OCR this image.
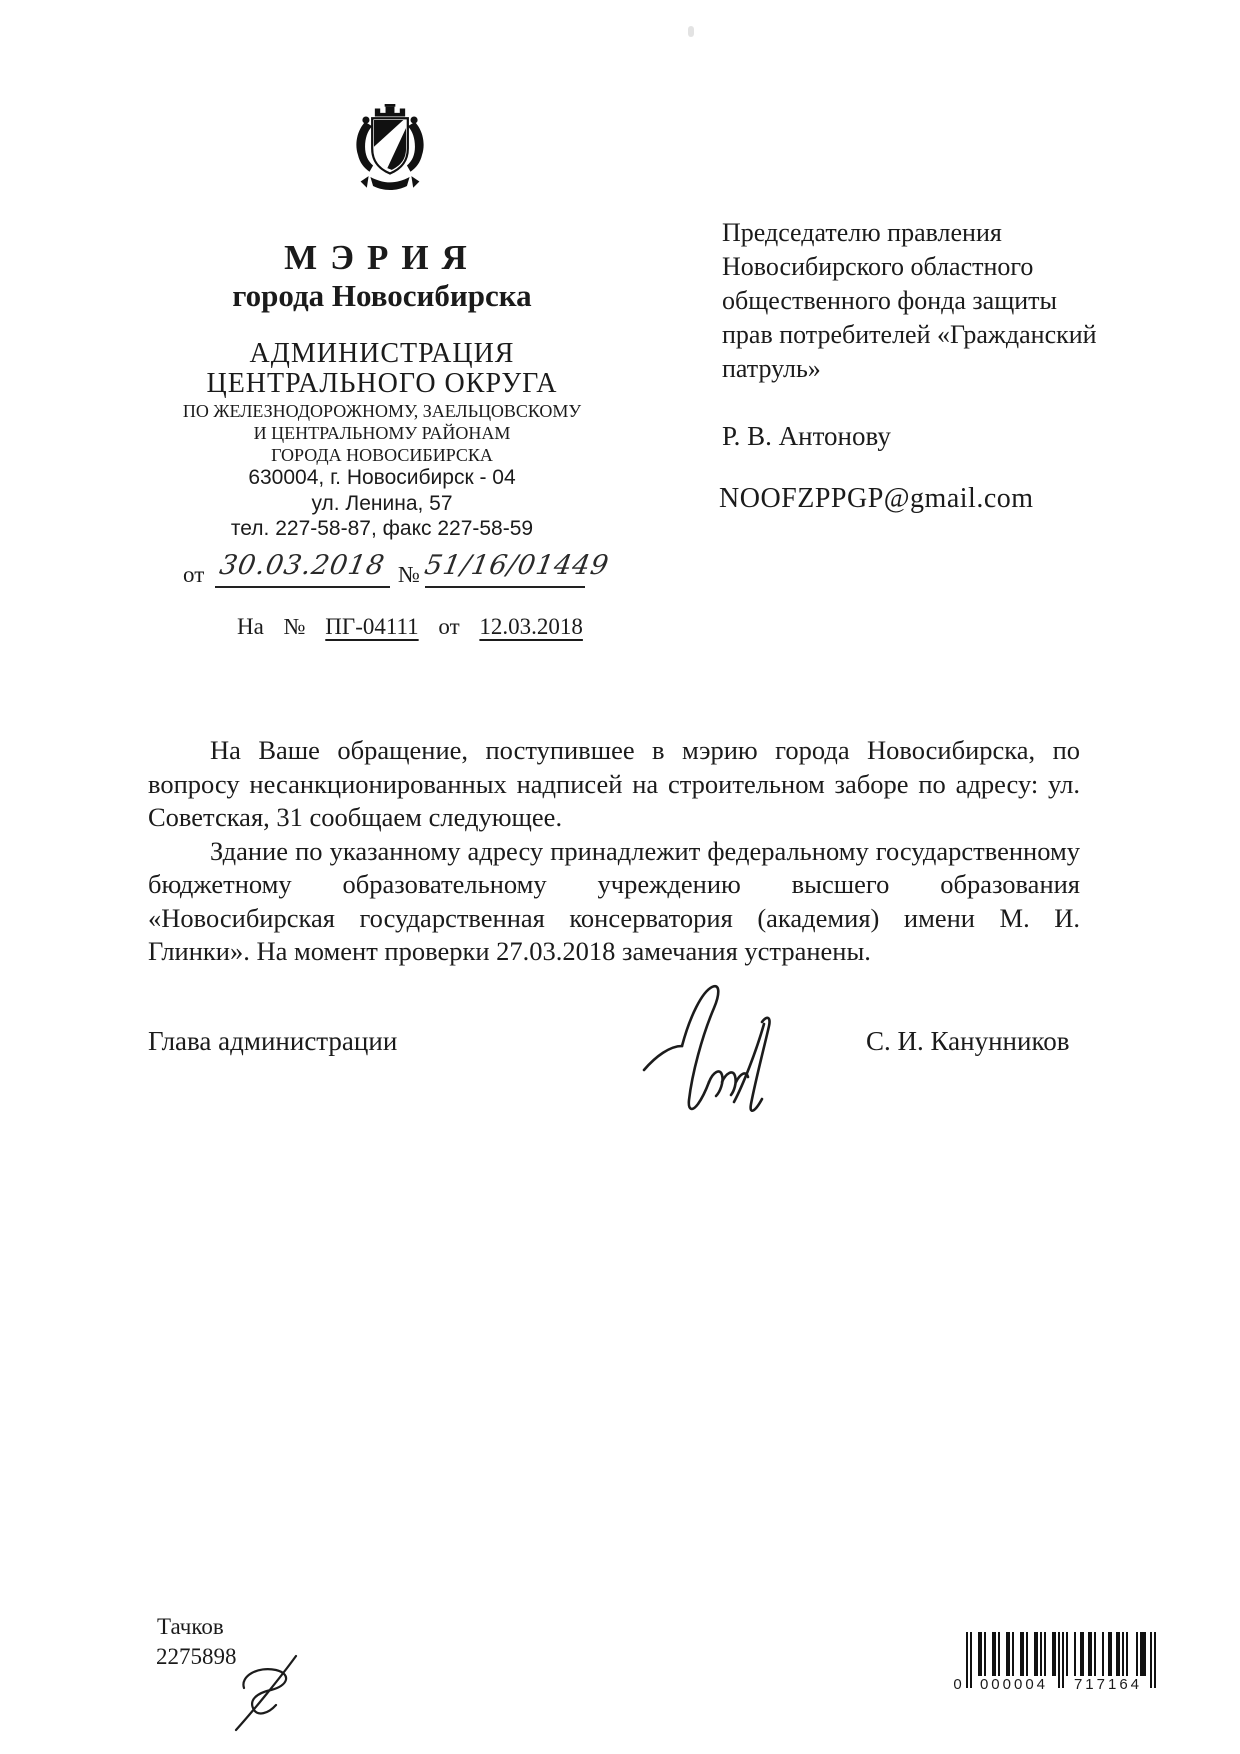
МЭРИЯ
города Новосибирска
АДМИНИСТРАЦИЯ
ЦЕНТРАЛЬНОГО ОКРУГА
ПО ЖЕЛЕЗНОДОРОЖНОМУ, ЗАЕЛЬЦОВСКОМУ
И ЦЕНТРАЛЬНОМУ РАЙОНАМ
ГОРОДА НОВОСИБИРСКА
630004, г. Новосибирск - 04
ул. Ленина, 57
тел. 227-58-87, факс 227-58-59
от 30.03.2018 № 51/16/01449
На № ПГ-04111 от 12.03.2018
Председателю правления
Новосибирского областного
общественного фонда защиты
прав потребителей «Гражданский
патруль»
Р. В. Антонову
NOOFZPPGP@gmail.com

На Ваше обращение, поступившее в мэрию города Новосибирска, по вопросу несанкционированных надписей на строительном заборе по адресу: ул. Советская, 31 сообщаем следующее.

Здание по указанному адресу принадлежит федеральному государственному бюджетному образовательному учреждению высшего образования «Новосибирская государственная консерватория (академия) имени М. И. Глинки». На момент проверки 27.03.2018 замечания устранены.

Глава администрации	С. И. Канунников
Тачков
2275898
0	000004	717164
